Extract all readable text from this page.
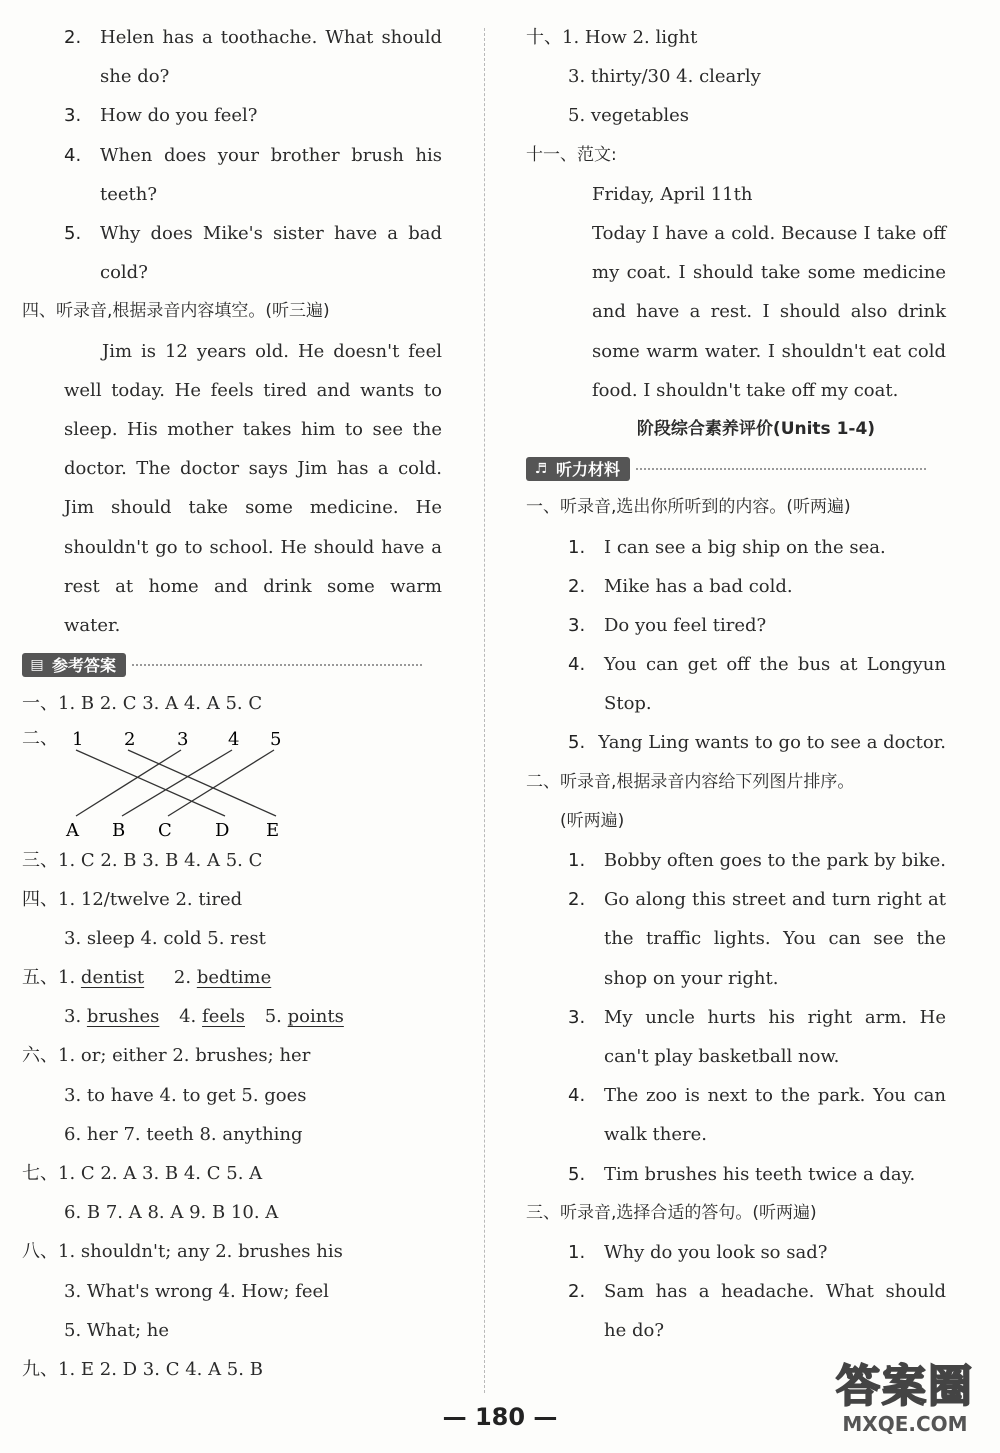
2.	Helen has a toothache. What should
she do?
3.	How do you feel?
4.	When does your brother brush his
teeth?
5.	Why does Mike's sister have a bad
cold?
四、听录音,根据录音内容填空。(听三遍)
Jim is 12 years old. He doesn't feel well today. He feels tired and wants to sleep. His mother takes him to see the doctor. The doctor says Jim has a cold. Jim should take some medicine. He shouldn't go to school. He should have a rest at home and drink some warm water.
▤ 参考答案
一、 1. B 2. C 3. A 4. A 5. C
二、 1 2 3 4 5
A B C D E
三、 1. C 2. B 3. B 4. A 5. C
四、 1. 12/twelve 2. tired
3. sleep 4. cold 5. rest
五、 1. dentist 2. bedtime
3. brushes 4. feels 5. points
六、 1. or; either 2. brushes; her
3. to have 4. to get 5. goes
6. her 7. teeth 8. anything
七、 1. C 2. A 3. B 4. C 5. A
6. B 7. A 8. A 9. B 10. A
八、 1. shouldn't; any 2. brushes his
3. What's wrong 4. How; feel
5. What; he
九、 1. E 2. D 3. C 4. A 5. B
十、 1. How 2. light
3. thirty/30 4. clearly
5. vegetables
十一、范文:
Friday, April 11th
Today I have a cold. Because I take off my coat. I should take some medicine and have a rest. I should also drink some warm water. I shouldn't eat cold food. I shouldn't take off my coat.
阶段综合素养评价(Units 1-4)
♬ 听力材料
一、听录音,选出你所听到的内容。(听两遍)
1.	I can see a big ship on the sea.
2.	Mike has a bad cold.
3.	Do you feel tired?
4.	You can get off the bus at Longyun
Stop.
5. Yang Ling wants to go to see a doctor.
二、听录音,根据录音内容给下列图片排序。
(听两遍)
1.	Bobby often goes to the park by bike.
2.	Go along this street and turn right at
the traffic lights. You can see the
shop on your right.
3.	My uncle hurts his right arm. He
can't play basketball now.
4.	The zoo is next to the park. You can
walk there.
5.	Tim brushes his teeth twice a day.
三、听录音,选择合适的答句。(听两遍)
1.	Why do you look so sad?
2.	Sam has a headache. What should
he do?
— 180 —
答案圈
MXQE.COM
